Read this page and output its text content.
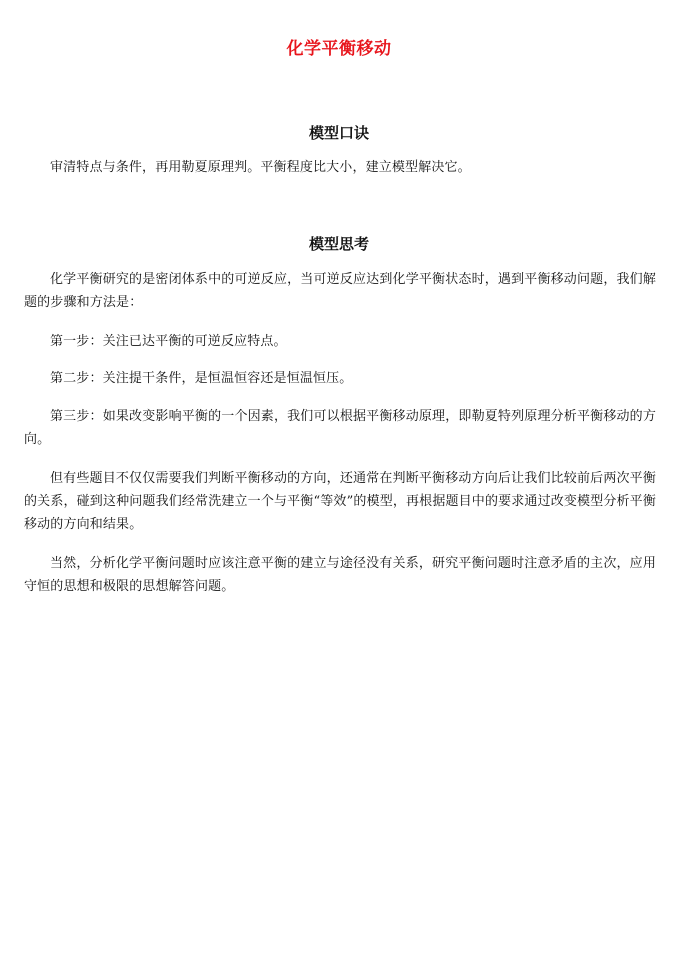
化学平衡移动
模型口诀

审清特点与条件，再用勒夏原理判。平衡程度比大小，建立模型解决它。

模型思考

化学平衡研究的是密闭体系中的可逆反应，当可逆反应达到化学平衡状态时，遇到平衡移动问题，我们解题的步骤和方法是：

第一步：关注已达平衡的可逆反应特点。

第二步：关注提干条件，是恒温恒容还是恒温恒压。

第三步：如果改变影响平衡的一个因素，我们可以根据平衡移动原理，即勒夏特列原理分析平衡移动的方向。

但有些题目不仅仅需要我们判断平衡移动的方向，还通常在判断平衡移动方向后让我们比较前后两次平衡的关系，碰到这种问题我们经常洗建立一个与平衡“等效”的模型，再根据题目中的要求通过改变模型分析平衡移动的方向和结果。

当然，分析化学平衡问题时应该注意平衡的建立与途径没有关系，研究平衡问题时注意矛盾的主次，应用守恒的思想和极限的思想解答问题。
